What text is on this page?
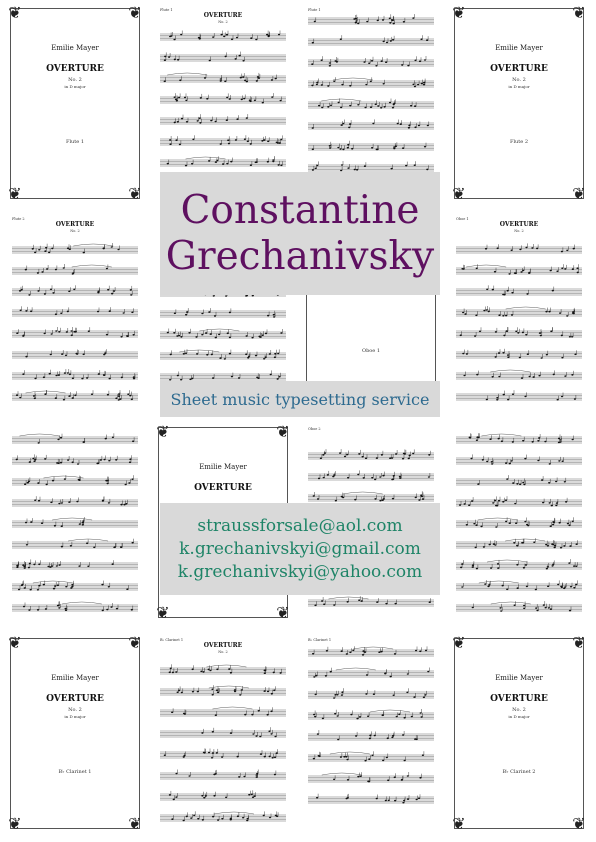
❦	❦
❦	❦
Emilie Mayer
OVERTURE
No. 2
in D major
Flute 1
Flute 1
OVERTURE
No. 2
Flute 1	❦	❦
❦	❦
Emilie Mayer
OVERTURE
No. 2
in D major
Flute 2
Flute 2
OVERTURE
No. 2
Oboe 1
Oboe 1
OVERTURE
No. 2
❦	❦
❦	❦
Emilie Mayer
OVERTURE
Oboe 2
❦	❦
❦	❦
Emilie Mayer
OVERTURE
No. 2
in D major
B♭ Clarinet 1
B♭ Clarinet 1
OVERTURE
No. 2
B♭ Clarinet 1	❦	❦
❦	❦
Emilie Mayer
OVERTURE
No. 2
in D major
B♭ Clarinet 2
Constantine
Grechanivsky
Sheet music typesetting service
straussforsale@aol.com
k.grechanivskyi@gmail.com
k.grechanivskyi@yahoo.com
